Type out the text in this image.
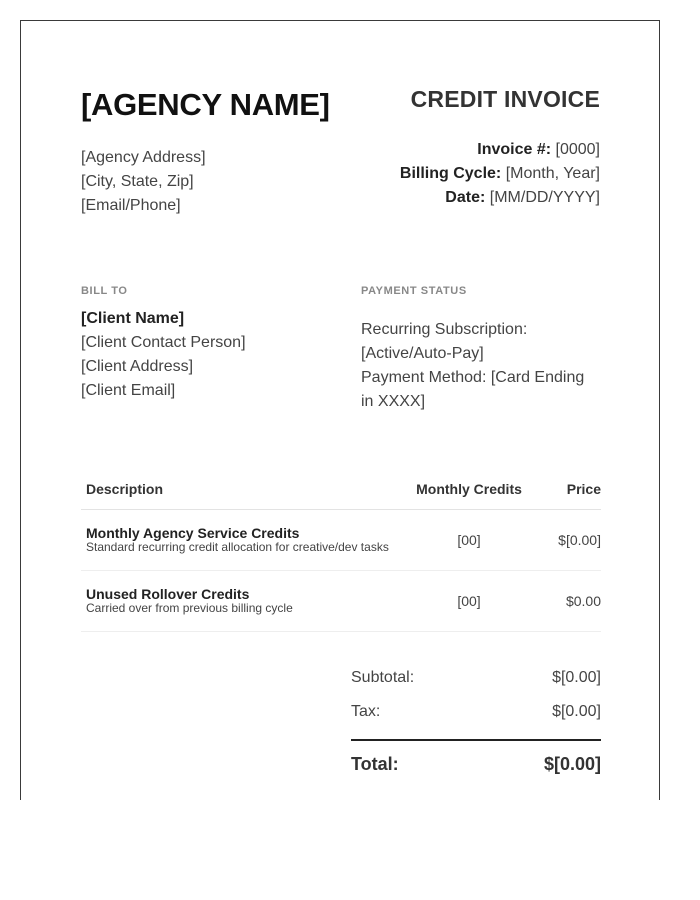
[AGENCY NAME]
[Agency Address]
[City, State, Zip]
[Email/Phone]
CREDIT INVOICE
Invoice #: [0000]
Billing Cycle: [Month, Year]
Date: [MM/DD/YYYY]
BILL TO
[Client Name]
[Client Contact Person]
[Client Address]
[Client Email]
PAYMENT STATUS
Recurring Subscription:
[Active/Auto-Pay]
Payment Method: [Card Ending
in XXXX]
Description	Monthly Credits	Price
Monthly Agency Service Credits
Standard recurring credit allocation for creative/dev tasks	[00]	$[0.00]
Unused Rollover Credits
Carried over from previous billing cycle	[00]	$0.00
Subtotal:	$[0.00]
Tax:	$[0.00]
Total:	$[0.00]
